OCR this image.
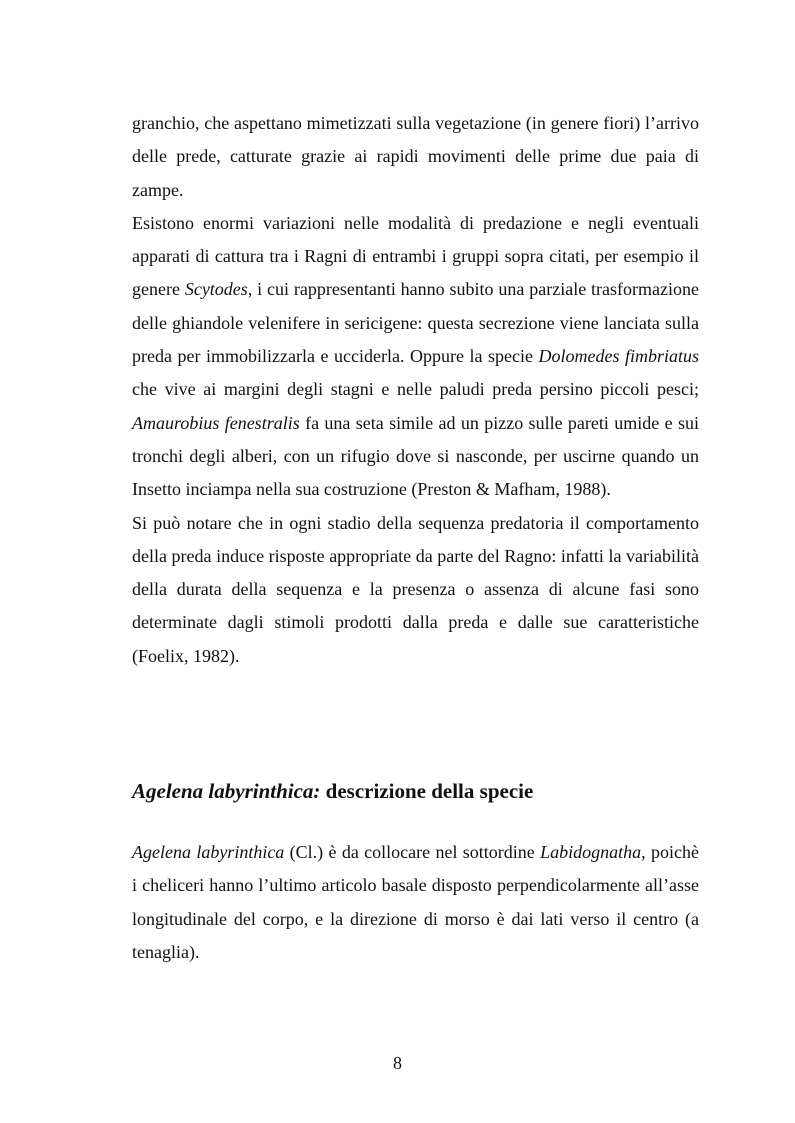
granchio, che aspettano mimetizzati sulla vegetazione (in genere fiori) l’arrivo delle prede, catturate grazie ai rapidi movimenti delle prime due paia di zampe.

Esistono enormi variazioni nelle modalità di predazione e negli eventuali apparati di cattura tra i Ragni di entrambi i gruppi sopra citati, per esempio il genere Scytodes, i cui rappresentanti hanno subito una parziale trasformazione delle ghiandole velenifere in sericigene: questa secrezione viene lanciata sulla preda per immobilizzarla e ucciderla. Oppure la specie Dolomedes fimbriatus che vive ai margini degli stagni e nelle paludi preda persino piccoli pesci; Amaurobius fenestralis fa una seta simile ad un pizzo sulle pareti umide e sui tronchi degli alberi, con un rifugio dove si nasconde, per uscirne quando un Insetto inciampa nella sua costruzione (Preston & Mafham, 1988).

Si può notare che in ogni stadio della sequenza predatoria il comportamento della preda induce risposte appropriate da parte del Ragno: infatti la variabilità della durata della sequenza e la presenza o assenza di alcune fasi sono determinate dagli stimoli prodotti dalla preda e dalle sue caratteristiche (Foelix, 1982).

Agelena labyrinthica: descrizione della specie

Agelena labyrinthica (Cl.) è da collocare nel sottordine Labidognatha, poichè i cheliceri hanno l’ultimo articolo basale disposto perpendicolarmente all’asse longitudinale del corpo, e la direzione di morso è dai lati verso il centro (a tenaglia).

8
